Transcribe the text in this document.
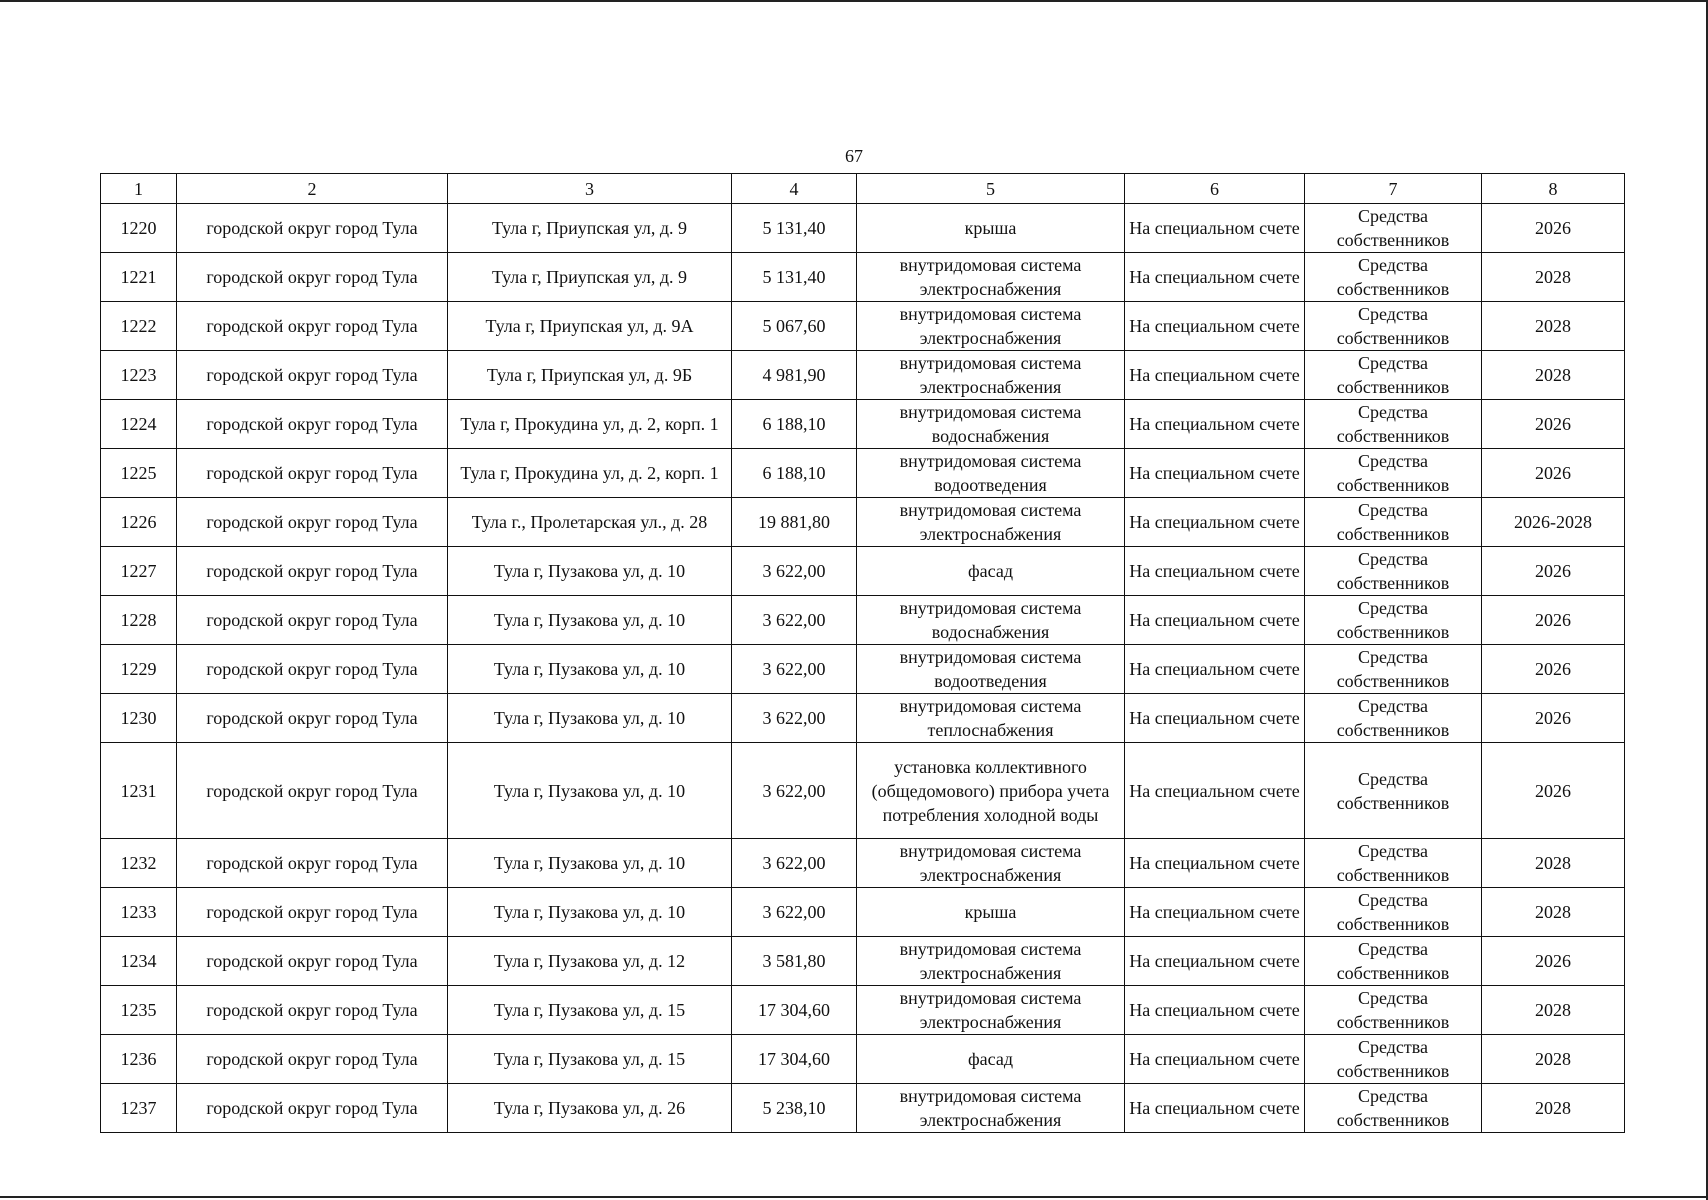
67
1	2	3	4	5	6	7	8
1220	городской округ город Тула	Тула г, Приупская ул, д. 9	5 131,40	крыша	На специальном счете	Средства собственников	2026
1221	городской округ город Тула	Тула г, Приупская ул, д. 9	5 131,40	внутридомовая система электроснабжения	На специальном счете	Средства собственников	2028
1222	городской округ город Тула	Тула г, Приупская ул, д. 9А	5 067,60	внутридомовая система электроснабжения	На специальном счете	Средства собственников	2028
1223	городской округ город Тула	Тула г, Приупская ул, д. 9Б	4 981,90	внутридомовая система электроснабжения	На специальном счете	Средства собственников	2028
1224	городской округ город Тула	Тула г, Прокудина ул, д. 2, корп. 1	6 188,10	внутридомовая система водоснабжения	На специальном счете	Средства собственников	2026
1225	городской округ город Тула	Тула г, Прокудина ул, д. 2, корп. 1	6 188,10	внутридомовая система водоотведения	На специальном счете	Средства собственников	2026
1226	городской округ город Тула	Тула г., Пролетарская ул., д. 28	19 881,80	внутридомовая система электроснабжения	На специальном счете	Средства собственников	2026-2028
1227	городской округ город Тула	Тула г, Пузакова ул, д. 10	3 622,00	фасад	На специальном счете	Средства собственников	2026
1228	городской округ город Тула	Тула г, Пузакова ул, д. 10	3 622,00	внутридомовая система водоснабжения	На специальном счете	Средства собственников	2026
1229	городской округ город Тула	Тула г, Пузакова ул, д. 10	3 622,00	внутридомовая система водоотведения	На специальном счете	Средства собственников	2026
1230	городской округ город Тула	Тула г, Пузакова ул, д. 10	3 622,00	внутридомовая система теплоснабжения	На специальном счете	Средства собственников	2026
1231	городской округ город Тула	Тула г, Пузакова ул, д. 10	3 622,00	установка коллективного (общедомового) прибора учета потребления холодной воды	На специальном счете	Средства собственников	2026
1232	городской округ город Тула	Тула г, Пузакова ул, д. 10	3 622,00	внутридомовая система электроснабжения	На специальном счете	Средства собственников	2028
1233	городской округ город Тула	Тула г, Пузакова ул, д. 10	3 622,00	крыша	На специальном счете	Средства собственников	2028
1234	городской округ город Тула	Тула г, Пузакова ул, д. 12	3 581,80	внутридомовая система электроснабжения	На специальном счете	Средства собственников	2026
1235	городской округ город Тула	Тула г, Пузакова ул, д. 15	17 304,60	внутридомовая система электроснабжения	На специальном счете	Средства собственников	2028
1236	городской округ город Тула	Тула г, Пузакова ул, д. 15	17 304,60	фасад	На специальном счете	Средства собственников	2028
1237	городской округ город Тула	Тула г, Пузакова ул, д. 26	5 238,10	внутридомовая система электроснабжения	На специальном счете	Средства собственников	2028
